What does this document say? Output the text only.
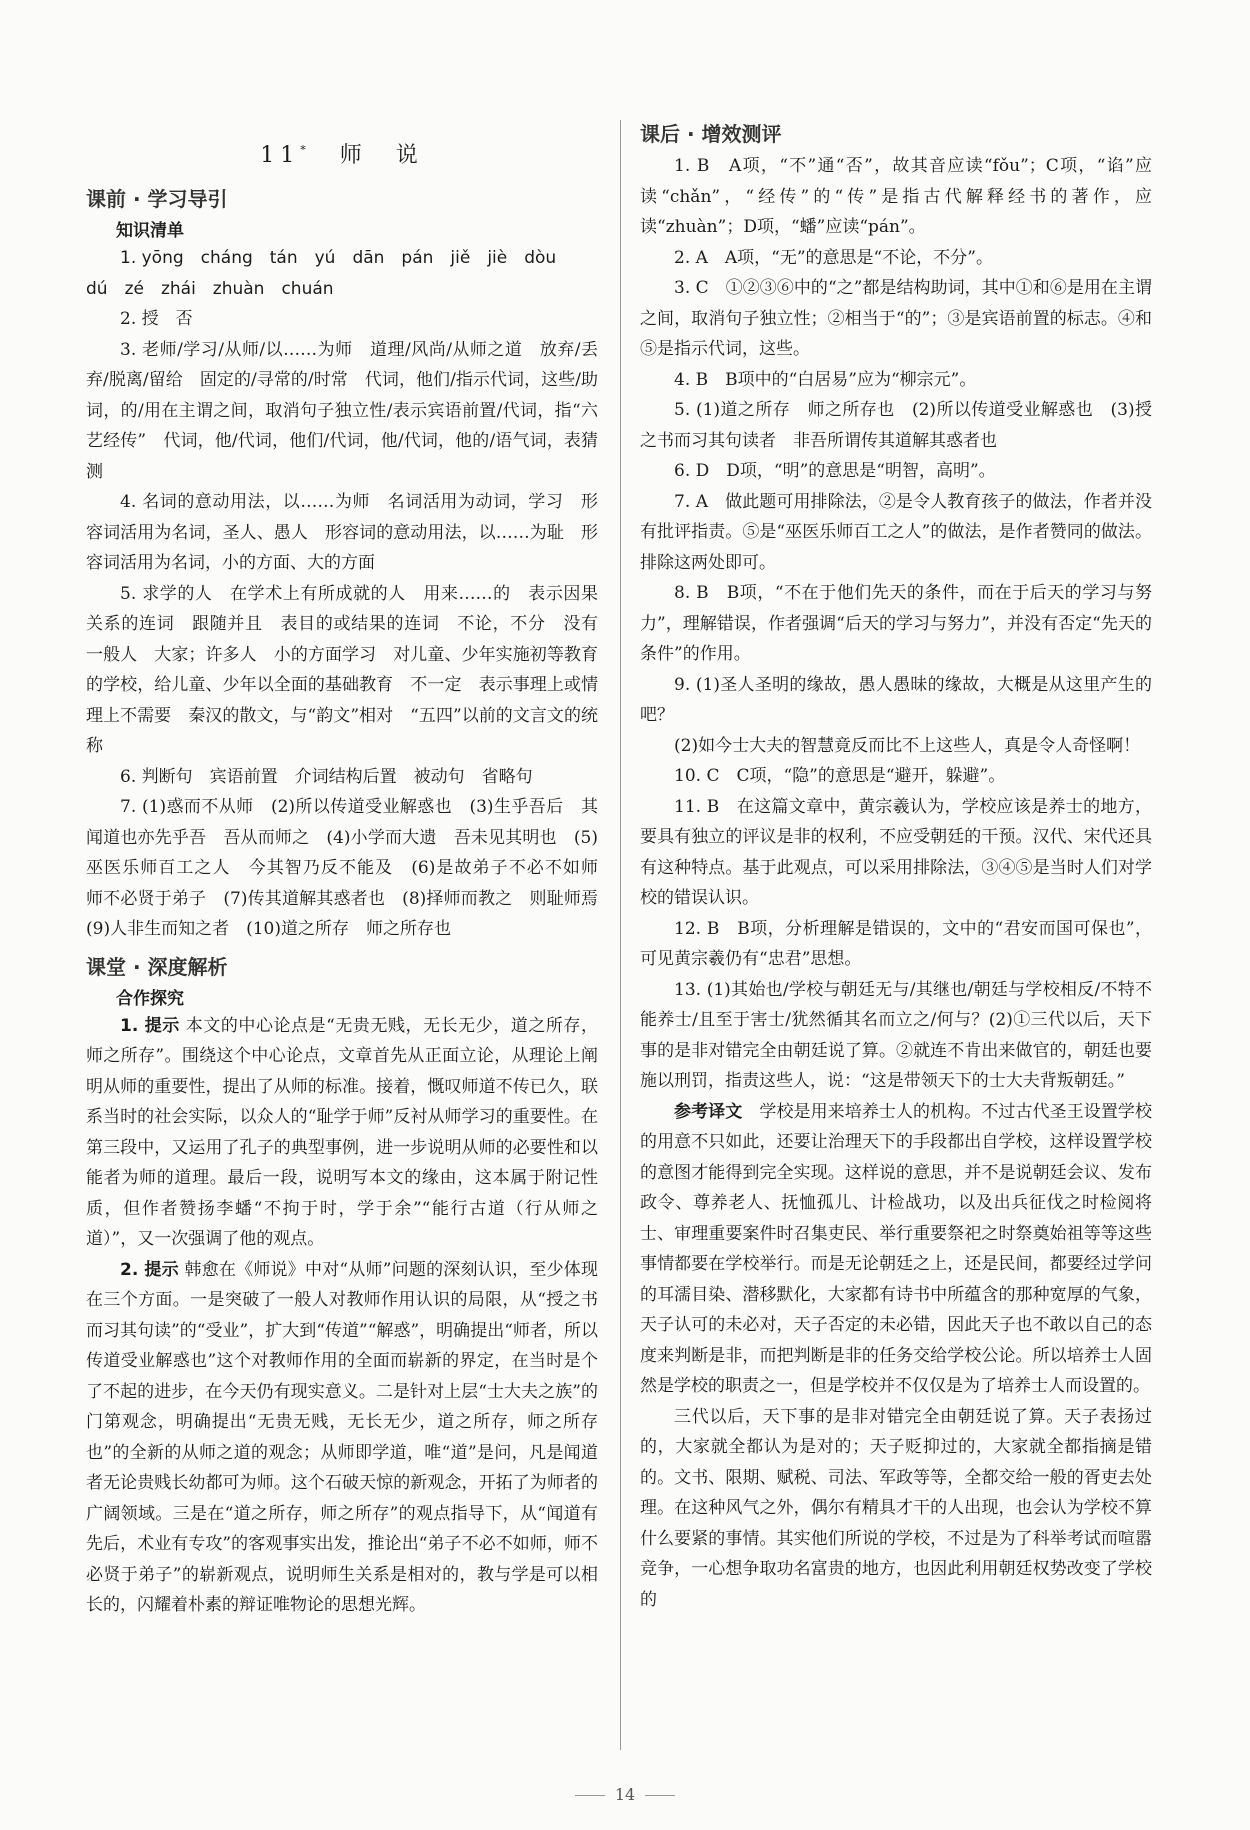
11*　 师　说
课前 · 学习导引
知识清单

1. yōng　cháng　tán　yú　dān　pán　jiě　jiè　dòu

dú　zé　zhái　zhuàn　chuán

2. 授　否

3. 老师/学习/从师/以……为师　道理/风尚/从师之道　放弃/丢弃/脱离/留给　固定的/寻常的/时常　代词，他们/指示代词，这些/助词，的/用在主谓之间，取消句子独立性/表示宾语前置/代词，指“六艺经传”　代词，他/代词，他们/代词，他/代词，他的/语气词，表猜测

4. 名词的意动用法，以……为师　名词活用为动词，学习　形容词活用为名词，圣人、愚人　形容词的意动用法，以……为耻　形容词活用为名词，小的方面、大的方面

5. 求学的人　在学术上有所成就的人　用来……的　表示因果关系的连词　跟随并且　表目的或结果的连词　不论，不分　没有　一般人　大家；许多人　小的方面学习　对儿童、少年实施初等教育的学校，给儿童、少年以全面的基础教育　不一定　表示事理上或情理上不需要　秦汉的散文，与“韵文”相对　“五四”以前的文言文的统称

6. 判断句　宾语前置　介词结构后置　被动句　省略句

7. (1)惑而不从师　(2)所以传道受业解惑也　(3)生乎吾后　其闻道也亦先乎吾　吾从而师之　(4)小学而大遗　吾未见其明也　(5)巫医乐师百工之人　今其智乃反不能及　(6)是故弟子不必不如师　师不必贤于弟子　(7)传其道解其惑者也　(8)择师而教之　则耻师焉　(9)人非生而知之者　(10)道之所存　师之所存也

课堂 · 深度解析
合作探究

1. 提示 本文的中心论点是“无贵无贱，无长无少，道之所存，师之所存”。围绕这个中心论点，文章首先从正面立论，从理论上阐明从师的重要性，提出了从师的标准。接着，慨叹师道不传已久，联系当时的社会实际，以众人的“耻学于师”反衬从师学习的重要性。在第三段中，又运用了孔子的典型事例，进一步说明从师的必要性和以能者为师的道理。最后一段，说明写本文的缘由，这本属于附记性质，但作者赞扬李蟠“不拘于时，学于余”“能行古道（行从师之道）”，又一次强调了他的观点。

2. 提示 韩愈在《师说》中对“从师”问题的深刻认识，至少体现在三个方面。一是突破了一般人对教师作用认识的局限，从“授之书而习其句读”的“受业”，扩大到“传道”“解惑”，明确提出“师者，所以传道受业解惑也”这个对教师作用的全面而崭新的界定，在当时是个了不起的进步，在今天仍有现实意义。二是针对上层“士大夫之族”的门第观念，明确提出“无贵无贱，无长无少，道之所存，师之所存也”的全新的从师之道的观念；从师即学道，唯“道”是问，凡是闻道者无论贵贱长幼都可为师。这个石破天惊的新观念，开拓了为师者的广阔领域。三是在“道之所存，师之所存”的观点指导下，从“闻道有先后，术业有专攻”的客观事实出发，推论出“弟子不必不如师，师不必贤于弟子”的崭新观点，说明师生关系是相对的，教与学是可以相长的，闪耀着朴素的辩证唯物论的思想光辉。

课后 · 增效测评

1. B　A项，“不”通“否”，故其音应读“fǒu”；C项，“谄”应读“chǎn”，“经传”的“传”是指古代解释经书的著作，应读“zhuàn”；D项，“蟠”应读“pán”。

2. A　A项，“无”的意思是“不论，不分”。

3. C　①②③⑥中的“之”都是结构助词，其中①和⑥是用在主谓之间，取消句子独立性；②相当于“的”；③是宾语前置的标志。④和⑤是指示代词，这些。

4. B　B项中的“白居易”应为“柳宗元”。

5. (1)道之所存　师之所存也　(2)所以传道受业解惑也　(3)授之书而习其句读者　非吾所谓传其道解其惑者也

6. D　D项，“明”的意思是“明智，高明”。

7. A　做此题可用排除法，②是令人教育孩子的做法，作者并没有批评指责。⑤是“巫医乐师百工之人”的做法，是作者赞同的做法。排除这两处即可。

8. B　B项，“不在于他们先天的条件，而在于后天的学习与努力”，理解错误，作者强调“后天的学习与努力”，并没有否定“先天的条件”的作用。

9. (1)圣人圣明的缘故，愚人愚昧的缘故，大概是从这里产生的吧？

(2)如今士大夫的智慧竟反而比不上这些人，真是令人奇怪啊！

10. C　C项，“隐”的意思是“避开，躲避”。

11. B　在这篇文章中，黄宗羲认为，学校应该是养士的地方，要具有独立的评议是非的权利，不应受朝廷的干预。汉代、宋代还具有这种特点。基于此观点，可以采用排除法，③④⑤是当时人们对学校的错误认识。

12. B　B项，分析理解是错误的，文中的“君安而国可保也”，可见黄宗羲仍有“忠君”思想。

13. (1)其始也/学校与朝廷无与/其继也/朝廷与学校相反/不特不能养士/且至于害士/犹然循其名而立之/何与？(2)①三代以后，天下事的是非对错完全由朝廷说了算。②就连不肯出来做官的，朝廷也要施以刑罚，指责这些人，说：“这是带领天下的士大夫背叛朝廷。”

参考译文　 学校是用来培养士人的机构。不过古代圣王设置学校的用意不只如此，还要让治理天下的手段都出自学校，这样设置学校的意图才能得到完全实现。这样说的意思，并不是说朝廷会议、发布政令、尊养老人、抚恤孤儿、计检战功，以及出兵征伐之时检阅将士、审理重要案件时召集吏民、举行重要祭祀之时祭奠始祖等等这些事情都要在学校举行。而是无论朝廷之上，还是民间，都要经过学问的耳濡目染、潜移默化，大家都有诗书中所蕴含的那种宽厚的气象，天子认可的未必对，天子否定的未必错，因此天子也不敢以自己的态度来判断是非，而把判断是非的任务交给学校公论。所以培养士人固然是学校的职责之一，但是学校并不仅仅是为了培养士人而设置的。

三代以后，天下事的是非对错完全由朝廷说了算。天子表扬过的，大家就全都认为是对的；天子贬抑过的，大家就全都指摘是错的。文书、限期、赋税、司法、军政等等，全都交给一般的胥吏去处理。在这种风气之外，偶尔有精具才干的人出现，也会认为学校不算什么要紧的事情。其实他们所说的学校，不过是为了科举考试而喧嚣竞争，一心想争取功名富贵的地方，也因此利用朝廷权势改变了学校的

14
